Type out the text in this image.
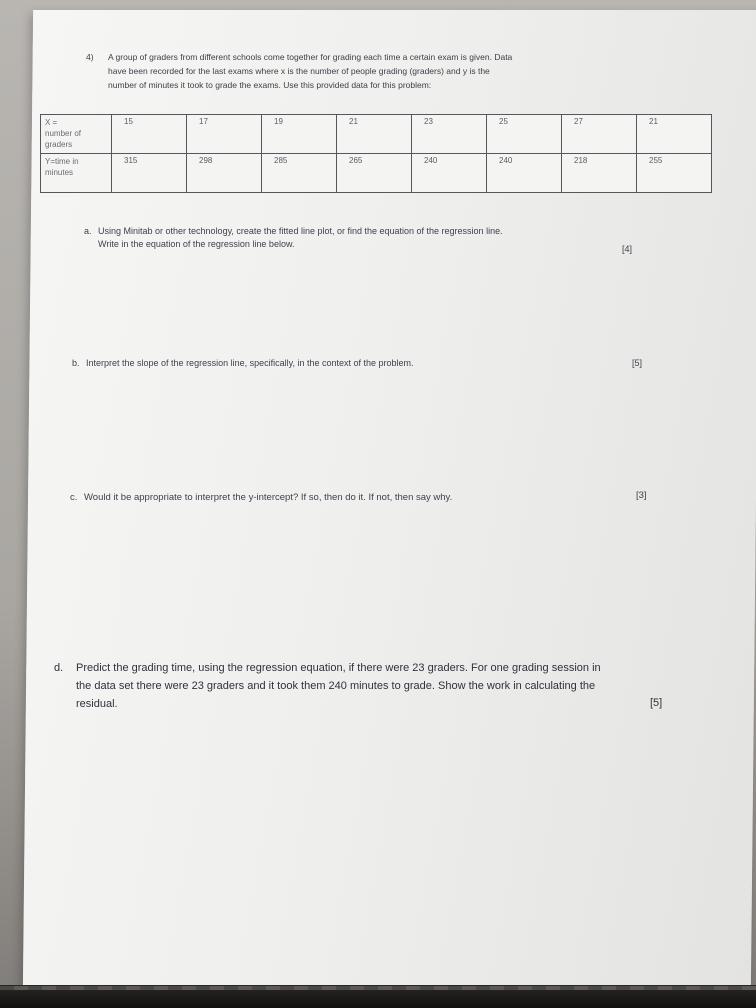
4) A group of graders from different schools come together for grading each time a certain exam is given. Data
have been recorded for the last exams where x is the number of people grading (graders) and y is the
number of minutes it took to grade the exams. Use this provided data for this problem:
X =
number of
graders	15	17	19	21	23	25	27	21
Y=time in
minutes	315	298	285	265	240	240	218	255
a. Using Minitab or other technology, create the fitted line plot, or find the equation of the regression line.
Write in the equation of the regression line below.	[4]
b. Interpret the slope of the regression line, specifically, in the context of the problem.	[5]
c. Would it be appropriate to interpret the y-intercept? If so, then do it. If not, then say why.	[3]
d. Predict the grading time, using the regression equation, if there were 23 graders. For one grading session in
the data set there were 23 graders and it took them 240 minutes to grade. Show the work in calculating the
residual.	[5]
